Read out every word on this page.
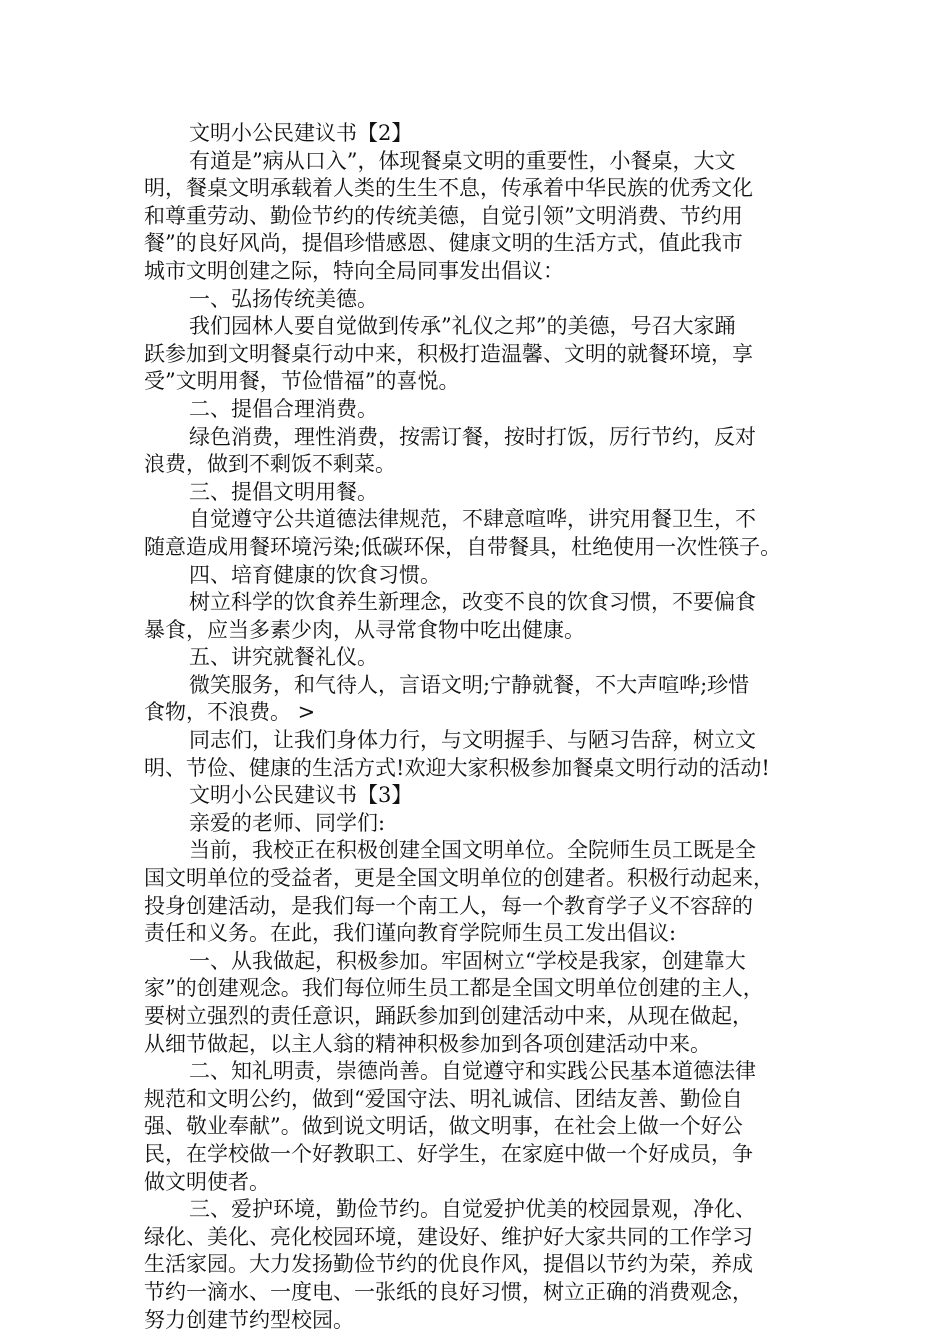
文明小公民建议书【2】
有道是”病从口入”，体现餐桌文明的重要性，小餐桌，大文
明，餐桌文明承载着人类的生生不息，传承着中华民族的优秀文化
和尊重劳动、勤俭节约的传统美德，自觉引领”文明消费、节约用
餐”的良好风尚，提倡珍惜感恩、健康文明的生活方式，值此我市
城市文明创建之际，特向全局同事发出倡议：
一、弘扬传统美德。
我们园林人要自觉做到传承”礼仪之邦”的美德，号召大家踊
跃参加到文明餐桌行动中来，积极打造温馨、文明的就餐环境，享
受”文明用餐，节俭惜福”的喜悦。
二、提倡合理消费。
绿色消费，理性消费，按需订餐，按时打饭，厉行节约，反对
浪费，做到不剩饭不剩菜。
三、提倡文明用餐。
自觉遵守公共道德法律规范，不肆意喧哗，讲究用餐卫生，不
随意造成用餐环境污染;低碳环保，自带餐具，杜绝使用一次性筷子。
四、培育健康的饮食习惯。
树立科学的饮食养生新理念，改变不良的饮食习惯，不要偏食
暴食，应当多素少肉，从寻常食物中吃出健康。
五、讲究就餐礼仪。
微笑服务，和气待人，言语文明;宁静就餐，不大声喧哗;珍惜
食物，不浪费。 >
同志们，让我们身体力行，与文明握手、与陋习告辞，树立文
明、节俭、健康的生活方式!欢迎大家积极参加餐桌文明行动的活动!
文明小公民建议书【3】
亲爱的老师、同学们:
当前，我校正在积极创建全国文明单位。全院师生员工既是全
国文明单位的受益者，更是全国文明单位的创建者。积极行动起来，
投身创建活动，是我们每一个南工人，每一个教育学子义不容辞的
责任和义务。在此，我们谨向教育学院师生员工发出倡议:
一、从我做起，积极参加。牢固树立“学校是我家，创建靠大
家”的创建观念。我们每位师生员工都是全国文明单位创建的主人，
要树立强烈的责任意识，踊跃参加到创建活动中来，从现在做起，
从细节做起，以主人翁的精神积极参加到各项创建活动中来。
二、知礼明责，崇德尚善。自觉遵守和实践公民基本道德法律
规范和文明公约，做到“爱国守法、明礼诚信、团结友善、勤俭自
强、敬业奉献”。做到说文明话，做文明事，在社会上做一个好公
民，在学校做一个好教职工、好学生，在家庭中做一个好成员，争
做文明使者。
三、爱护环境，勤俭节约。自觉爱护优美的校园景观，净化、
绿化、美化、亮化校园环境，建设好、维护好大家共同的工作学习
生活家园。大力发扬勤俭节约的优良作风，提倡以节约为荣，养成
节约一滴水、一度电、一张纸的良好习惯，树立正确的消费观念，
努力创建节约型校园。
